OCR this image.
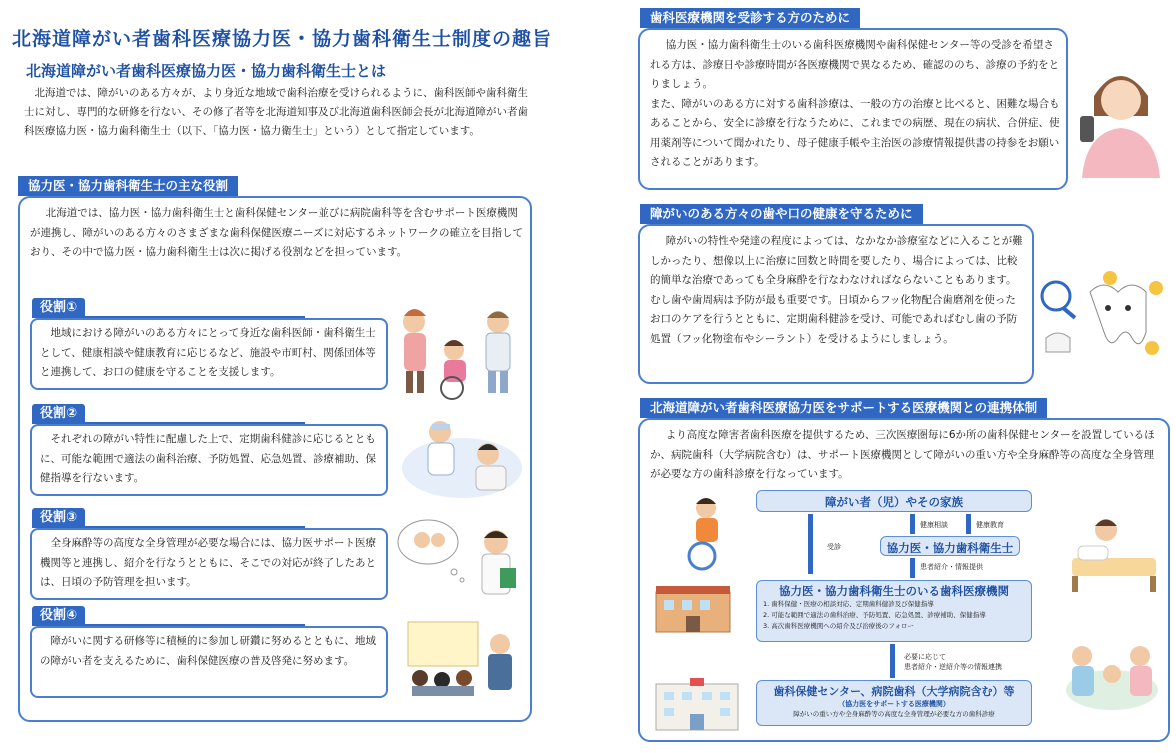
北海道障がい者歯科医療協力医・協力歯科衛生士制度の趣旨
北海道障がい者歯科医療協力医・協力歯科衛生士とは
北海道では、障がいのある方々が、より身近な地域で歯科治療を受けられるように、歯科医師や歯科衛生士に対し、専門的な研修を行ない、その修了者等を北海道知事及び北海道歯科医師会長が北海道障がい者歯科医療協力医・協力歯科衛生士（以下、「協力医・協力衛生士」という）として指定しています。
協力医・協力歯科衛生士の主な役割
北海道では、協力医・協力歯科衛生士と歯科保健センター並びに病院歯科等を含むサポート医療機関が連携し、障がいのある方々のさまざまな歯科保健医療ニーズに対応するネットワークの確立を目指しており、その中で協力医・協力歯科衛生士は次に掲げる役割などを担っています。
役割①
地域における障がいのある方々にとって身近な歯科医師・歯科衛生士として、健康相談や健康教育に応じるなど、施設や市町村、関係団体等と連携して、お口の健康を守ることを支援します。
役割②
それぞれの障がい特性に配慮した上で、定期歯科健診に応じるとともに、可能な範囲で適法の歯科治療、予防処置、応急処置、診療補助、保健指導を行ないます。
役割③
全身麻酔等の高度な全身管理が必要な場合には、協力医サポート医療機関等と連携し、紹介を行なうとともに、そこでの対応が終了したあとは、日頃の予防管理を担います。
役割④
障がいに関する研修等に積極的に参加し研鑽に努めるとともに、地域の障がい者を支えるために、歯科保健医療の普及啓発に努めます。
歯科医療機関を受診する方のために
協力医・協力歯科衛生士のいる歯科医療機関や歯科保健センター等の受診を希望される方は、診療日や診療時間が各医療機関で異なるため、確認ののち、診療の予約をとりましょう。
また、障がいのある方に対する歯科診療は、一般の方の治療と比べると、困難な場合もあることから、安全に診療を行なうために、これまでの病歴、現在の病状、合併症、使用薬剤等について聞かれたり、母子健康手帳や主治医の診療情報提供書の持参をお願いされることがあります。
障がいのある方々の歯や口の健康を守るために
障がいの特性や発達の程度によっては、なかなか診療室などに入ることが難しかったり、想像以上に治療に回数と時間を要したり、場合によっては、比較的簡単な治療であっても全身麻酔を行なわなければならないこともあります。
むし歯や歯周病は予防が最も重要です。日頃からフッ化物配合歯磨剤を使ったお口のケアを行うとともに、定期歯科健診を受け、可能であればむし歯の予防処置（フッ化物塗布やシーラント）を受けるようにしましょう。
北海道障がい者歯科医療協力医をサポートする医療機関との連携体制
より高度な障害者歯科医療を提供するため、三次医療圏毎に6か所の歯科保健センターを設置しているほか、病院歯科（大学病院含む）は、サポート医療機関として障がいの重い方や全身麻酔等の高度な全身管理が必要な方の歯科診療を行なっています。
障がい者（児）やその家族
受診
健康相談	健康教育
協力医・協力歯科衛生士
患者紹介・情報提供
協力医・協力歯科衛生士のいる歯科医療機関
1. 歯科保健・医療の相談対応、定期歯科健診及び保健指導
2. 可能な範囲で適法の歯科治療、予防処置、応急処置、診療補助、保健指導
3. 高次歯科医療機関への紹介及び治療後のフォロー
必要に応じて
患者紹介・逆紹介等の情報連携
歯科保健センター、病院歯科（大学病院含む）等
（協力医をサポートする医療機関）
障がいの重い方や全身麻酔等の高度な全身管理が必要な方の歯科診療
